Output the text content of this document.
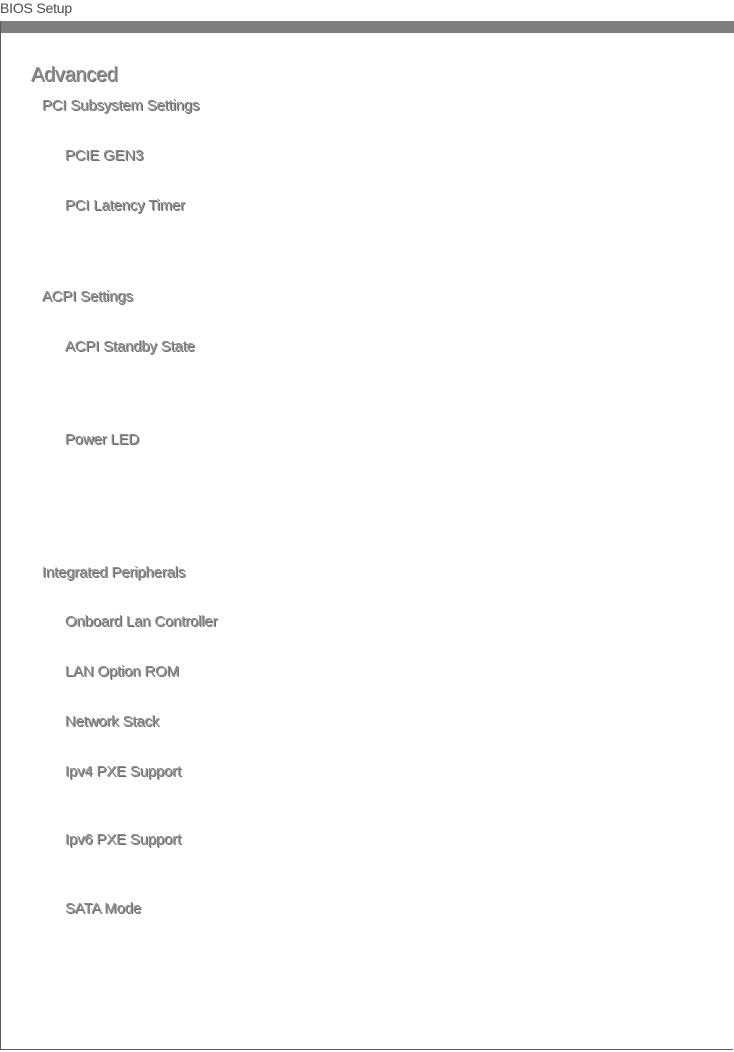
BIOS Setup
Advanced
PCI Subsystem Settings
PCIE GEN3
PCI Latency Timer
ACPI Settings
ACPI Standby State
Power LED
Integrated Peripherals
Onboard Lan Controller
LAN Option ROM
Network Stack
Ipv4 PXE Support
Ipv6 PXE Support
SATA Mode
